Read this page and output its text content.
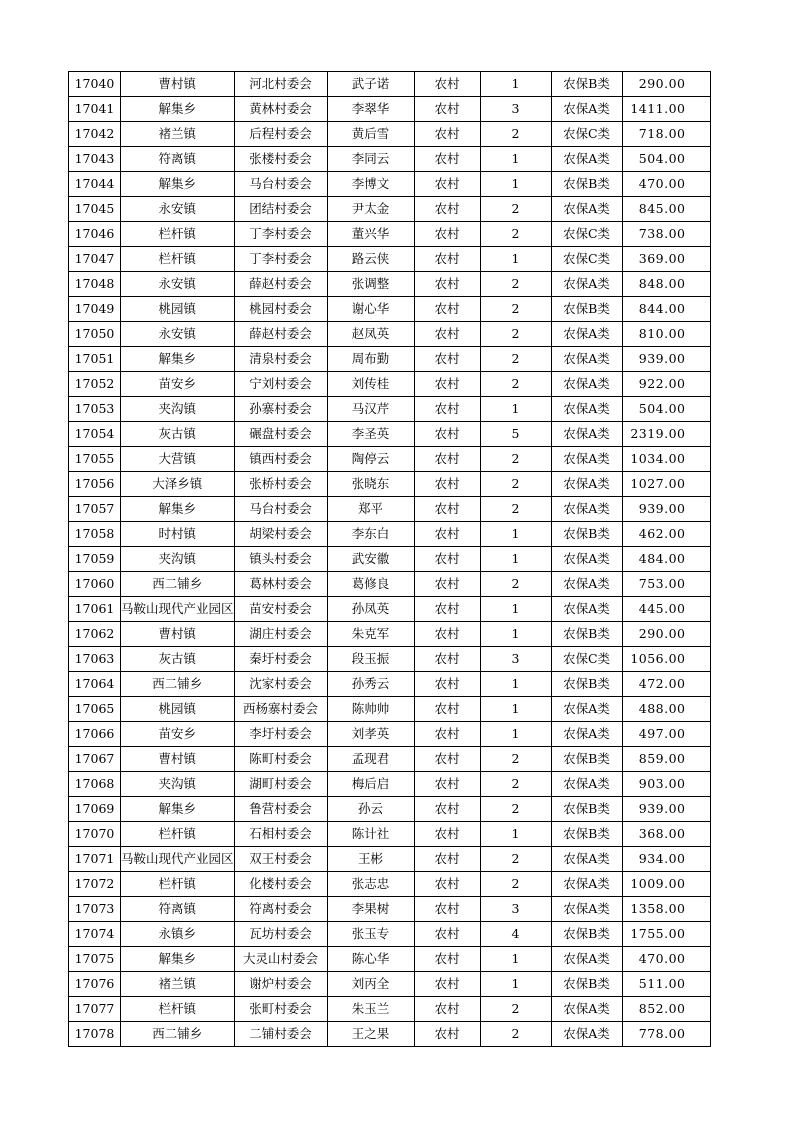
17040	曹村镇	河北村委会	武子诺	农村	1	农保B类	290.00
17041	解集乡	黄林村委会	李翠华	农村	3	农保A类	1411.00
17042	褚兰镇	后程村委会	黄后雪	农村	2	农保C类	718.00
17043	符离镇	张楼村委会	李同云	农村	1	农保A类	504.00
17044	解集乡	马台村委会	李博文	农村	1	农保B类	470.00
17045	永安镇	团结村委会	尹太金	农村	2	农保A类	845.00
17046	栏杆镇	丁李村委会	董兴华	农村	2	农保C类	738.00
17047	栏杆镇	丁李村委会	路云侠	农村	1	农保C类	369.00
17048	永安镇	薛赵村委会	张调整	农村	2	农保A类	848.00
17049	桃园镇	桃园村委会	谢心华	农村	2	农保B类	844.00
17050	永安镇	薛赵村委会	赵凤英	农村	2	农保A类	810.00
17051	解集乡	清泉村委会	周布勤	农村	2	农保A类	939.00
17052	苗安乡	宁刘村委会	刘传桂	农村	2	农保A类	922.00
17053	夹沟镇	孙寨村委会	马汉芹	农村	1	农保A类	504.00
17054	灰古镇	碾盘村委会	李圣英	农村	5	农保A类	2319.00
17055	大营镇	镇西村委会	陶停云	农村	2	农保A类	1034.00
17056	大泽乡镇	张桥村委会	张晓东	农村	2	农保A类	1027.00
17057	解集乡	马台村委会	郑平	农村	2	农保A类	939.00
17058	时村镇	胡梁村委会	李东白	农村	1	农保B类	462.00
17059	夹沟镇	镇头村委会	武安徽	农村	1	农保A类	484.00
17060	西二铺乡	葛林村委会	葛修良	农村	2	农保A类	753.00
17061	马鞍山现代产业园区	苗安村委会	孙凤英	农村	1	农保A类	445.00
17062	曹村镇	湖庄村委会	朱克军	农村	1	农保B类	290.00
17063	灰古镇	秦圩村委会	段玉振	农村	3	农保C类	1056.00
17064	西二铺乡	沈家村委会	孙秀云	农村	1	农保B类	472.00
17065	桃园镇	西杨寨村委会	陈帅帅	农村	1	农保A类	488.00
17066	苗安乡	李圩村委会	刘孝英	农村	1	农保A类	497.00
17067	曹村镇	陈町村委会	孟现君	农村	2	农保B类	859.00
17068	夹沟镇	湖町村委会	梅后启	农村	2	农保A类	903.00
17069	解集乡	鲁营村委会	孙云	农村	2	农保B类	939.00
17070	栏杆镇	石相村委会	陈计社	农村	1	农保B类	368.00
17071	马鞍山现代产业园区	双王村委会	王彬	农村	2	农保A类	934.00
17072	栏杆镇	化楼村委会	张志忠	农村	2	农保A类	1009.00
17073	符离镇	符离村委会	李果树	农村	3	农保A类	1358.00
17074	永镇乡	瓦坊村委会	张玉专	农村	4	农保B类	1755.00
17075	解集乡	大灵山村委会	陈心华	农村	1	农保A类	470.00
17076	褚兰镇	谢炉村委会	刘丙全	农村	1	农保B类	511.00
17077	栏杆镇	张町村委会	朱玉兰	农村	2	农保A类	852.00
17078	西二铺乡	二铺村委会	王之果	农村	2	农保A类	778.00
